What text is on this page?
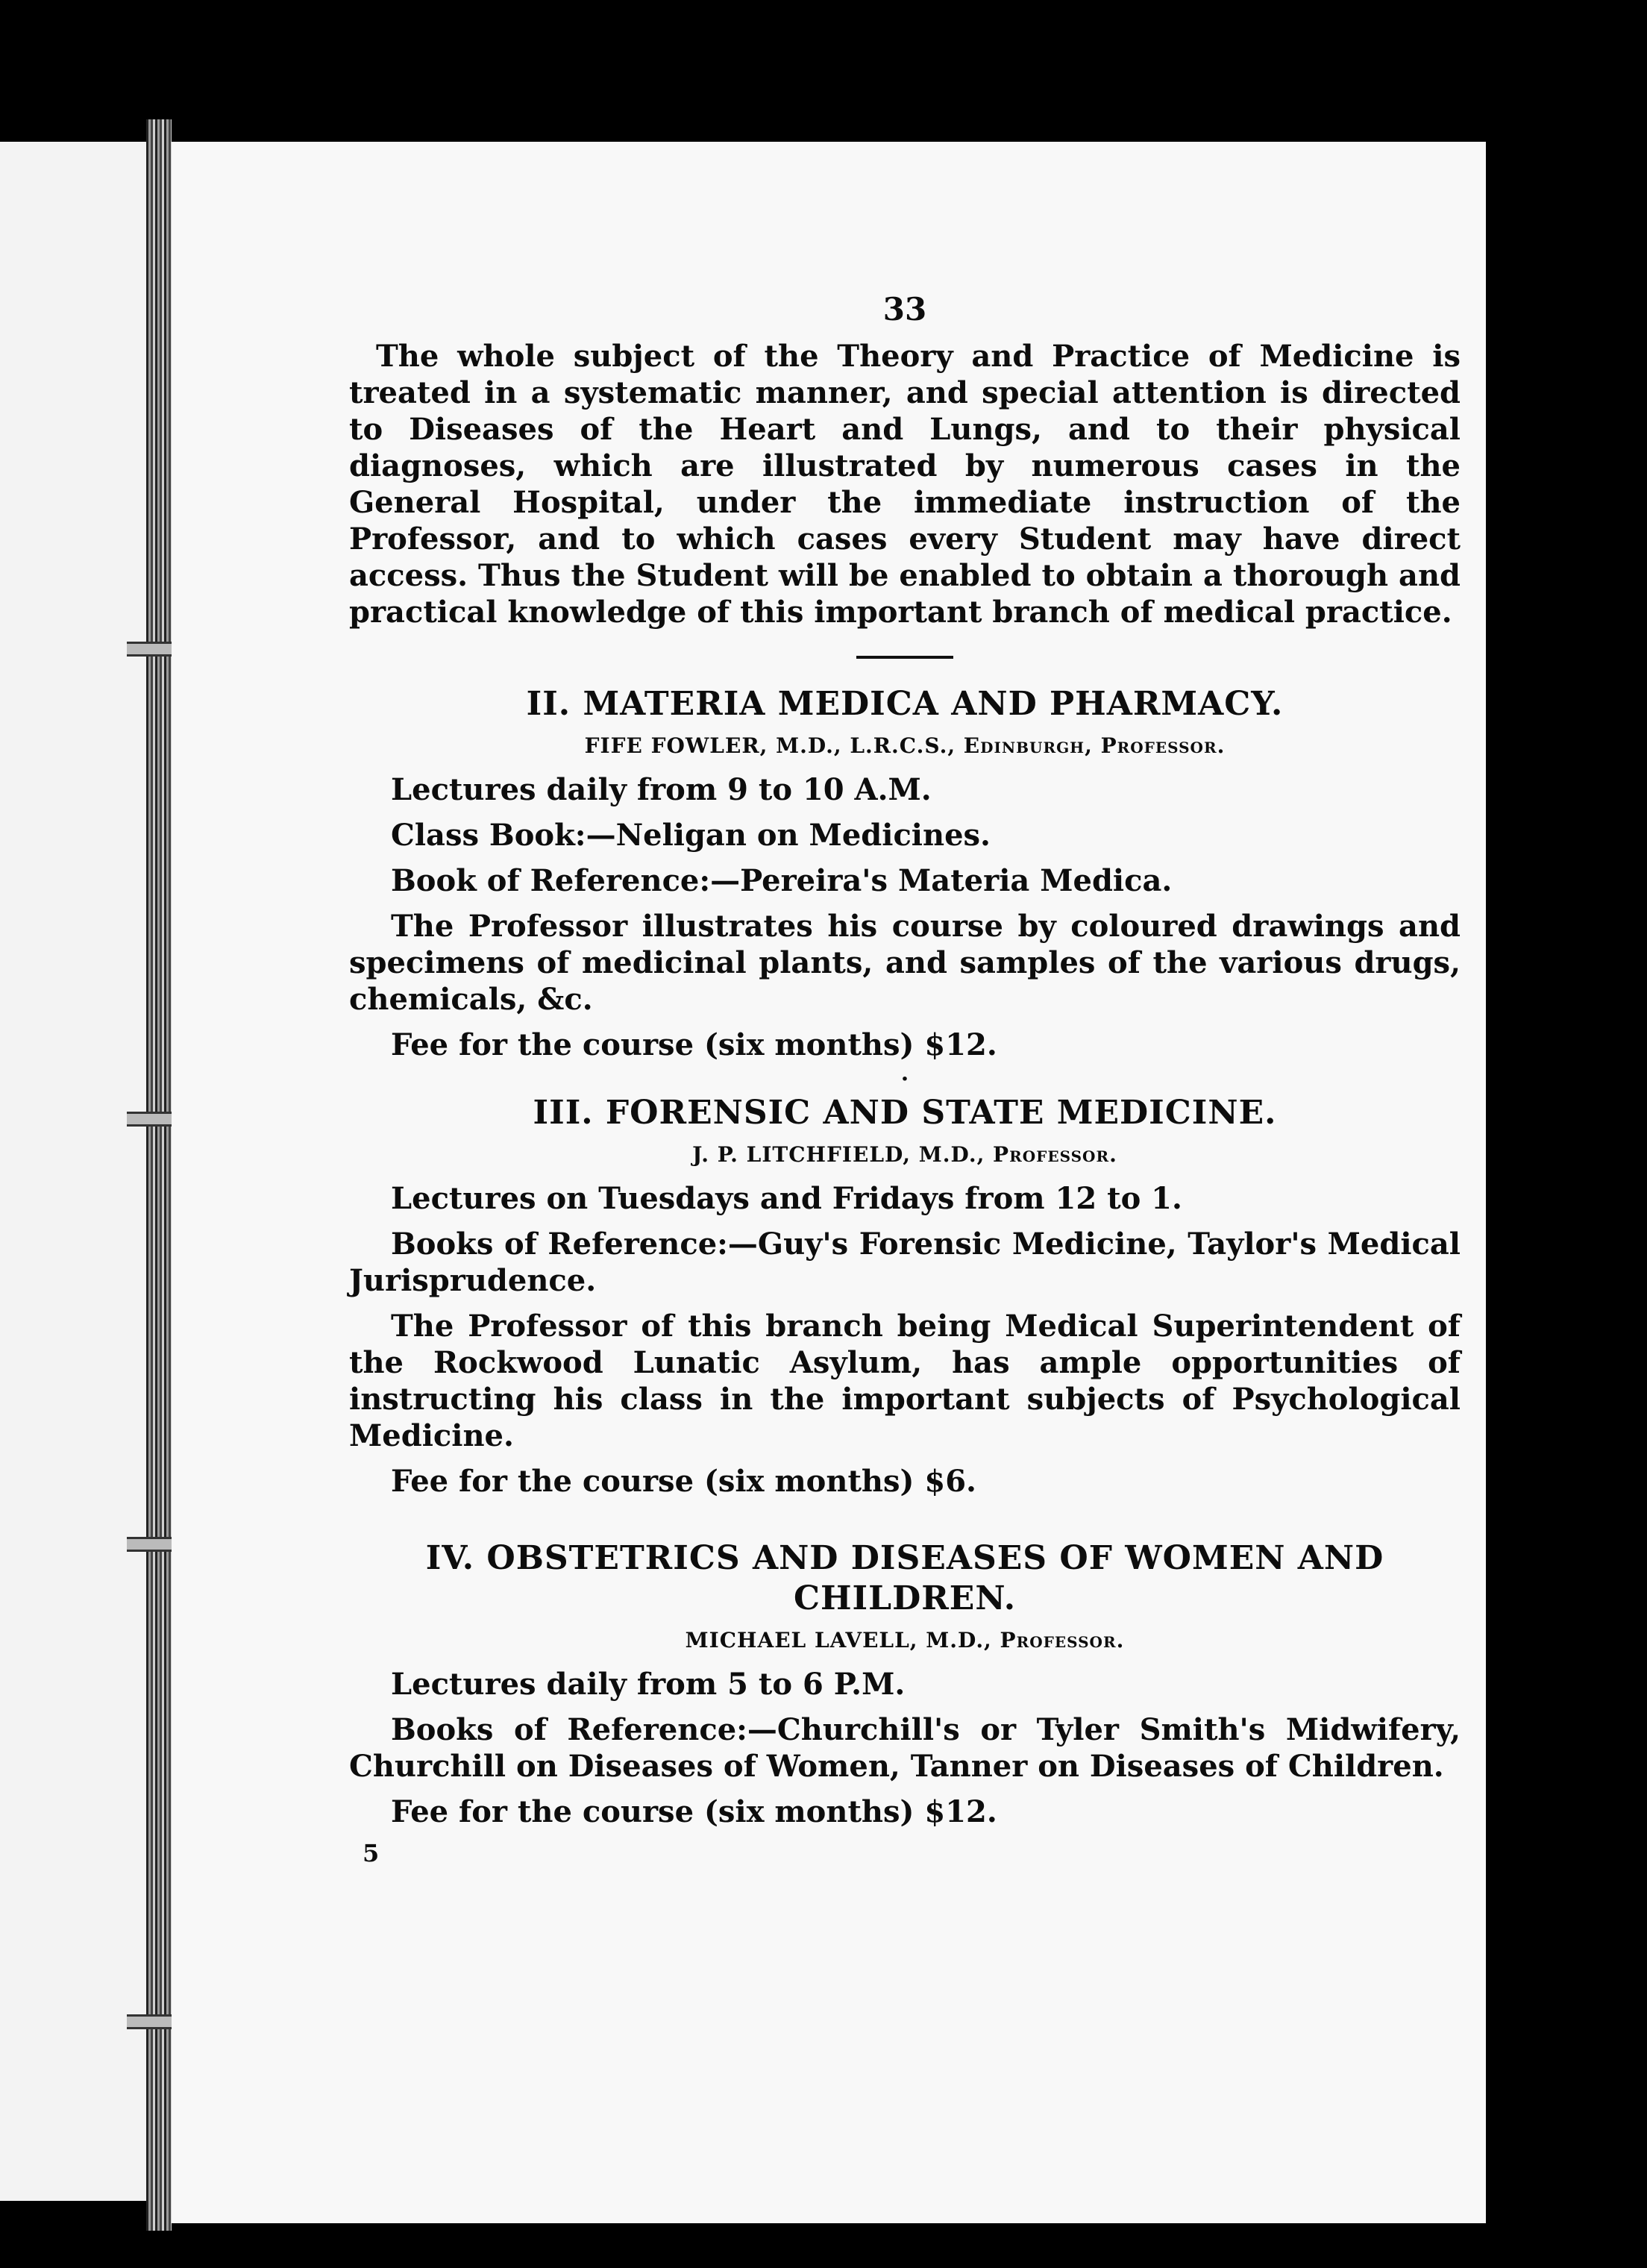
33

The whole subject of the Theory and Practice of Medicine is treated in a systematic manner, and special attention is directed to Diseases of the Heart and Lungs, and to their physical diagnoses, which are illustrated by numerous cases in the General Hospital, under the immediate instruction of the Professor, and to which cases every Student may have direct access. Thus the Student will be enabled to obtain a thorough and practical knowledge of this important branch of medical practice.

II. MATERIA MEDICA AND PHARMACY.
FIFE FOWLER, M.D., L.R.C.S., Edinburgh, Professor.

Lectures daily from 9 to 10 A.M.

Class Book:—Neligan on Medicines.

Book of Reference:—Pereira's Materia Medica.

The Professor illustrates his course by coloured drawings and specimens of medicinal plants, and samples of the various drugs, chemicals, &c.

Fee for the course (six months) $12.

·
III. FORENSIC AND STATE MEDICINE.
J. P. LITCHFIELD, M.D., Professor.

Lectures on Tuesdays and Fridays from 12 to 1.

Books of Reference:—Guy's Forensic Medicine, Taylor's Medical Jurisprudence.

The Professor of this branch being Medical Superintendent of the Rockwood Lunatic Asylum, has ample opportunities of instructing his class in the important subjects of Psychological Medicine.

Fee for the course (six months) $6.

IV. OBSTETRICS AND DISEASES OF WOMEN AND CHILDREN.
MICHAEL LAVELL, M.D., Professor.

Lectures daily from 5 to 6 P.M.

Books of Reference:—Churchill's or Tyler Smith's Midwifery, Churchill on Diseases of Women, Tanner on Diseases of Children.

Fee for the course (six months) $12.

5
